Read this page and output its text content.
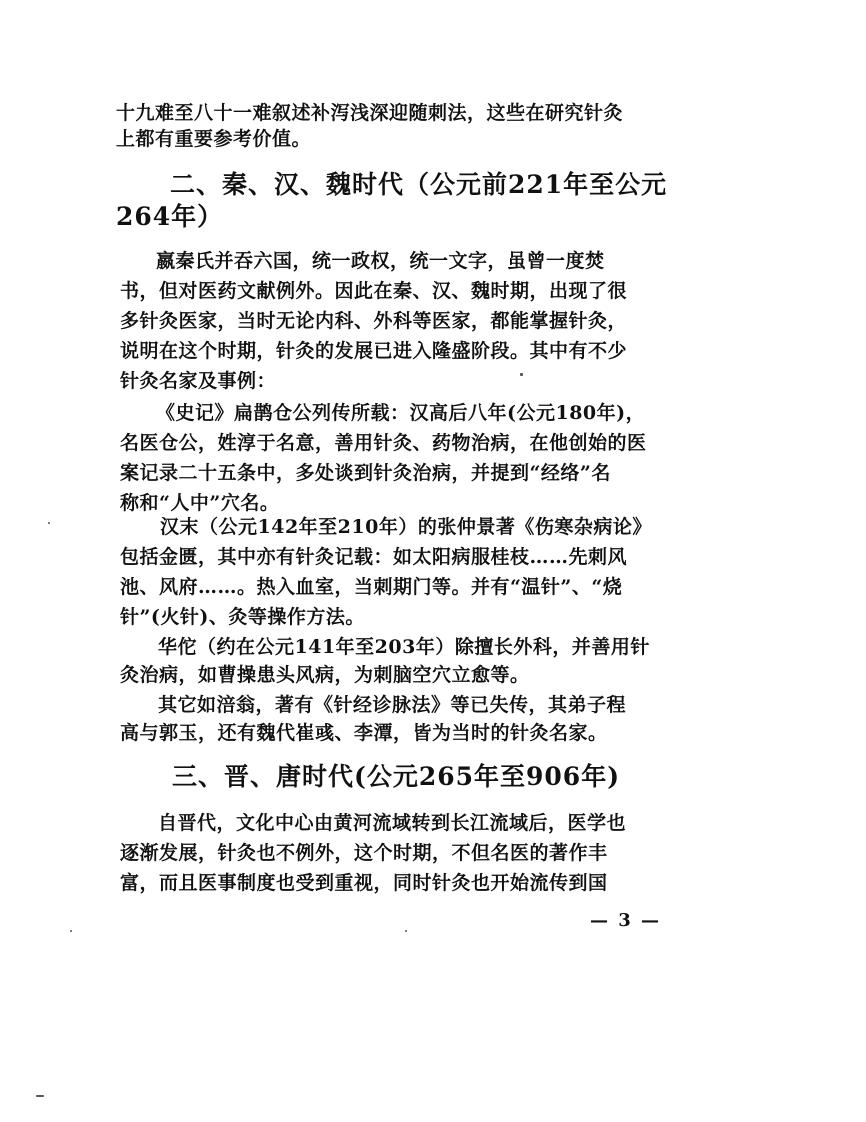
十九难至八十一难叙述补泻浅深迎随刺法，这些在研究针灸
上都有重要参考价值。
二、秦、汉、魏时代（公元前221年至公元
264年）
嬴秦氏并吞六国，统一政权，统一文字，虽曾一度焚
书，但对医药文献例外。因此在秦、汉、魏时期，出现了很
多针灸医家，当时无论内科、外科等医家，都能掌握针灸，
说明在这个时期，针灸的发展已进入隆盛阶段。其中有不少
针灸名家及事例：
《史记》扁鹊仓公列传所载：汉高后八年(公元180年)，
名医仓公，姓淳于名意，善用针灸、药物治病，在他创始的医
案记录二十五条中，多处谈到针灸治病，并提到“经络”名
称和“人中”穴名。
汉末（公元142年至210年）的张仲景著《伤寒杂病论》
包括金匮，其中亦有针灸记载：如太阳病服桂枝……先刺风
池、风府……。热入血室，当刺期门等。并有“温针”、“烧
针”(火针)、灸等操作方法。
华佗（约在公元141年至203年）除擅长外科，并善用针
灸治病，如曹操患头风病，为刺脑空穴立愈等。
其它如涪翁，著有《针经诊脉法》等已失传，其弟子程
高与郭玉，还有魏代崔彧、李潭，皆为当时的针灸名家。
三、晋、唐时代(公元265年至906年)
自晋代，文化中心由黄河流域转到长江流域后，医学也
逐渐发展，针灸也不例外，这个时期，不但名医的著作丰
富，而且医事制度也受到重视，同时针灸也开始流传到国
— 3 —
